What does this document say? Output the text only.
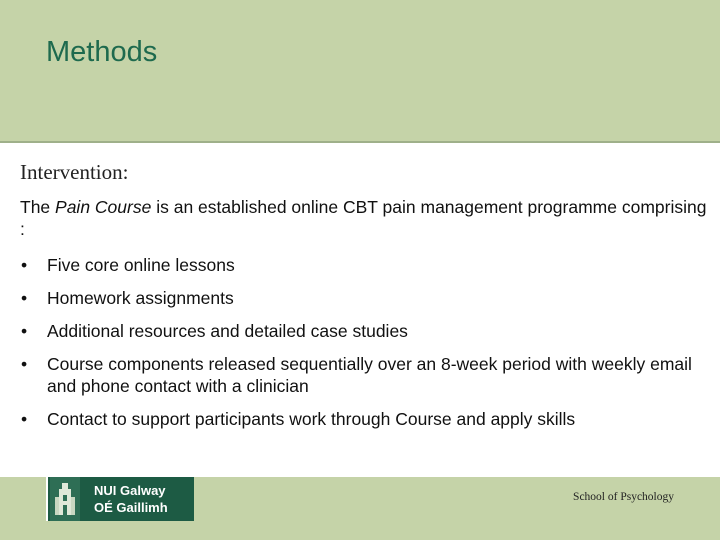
Methods
Intervention:
The Pain Course is an established online CBT pain management programme comprising :
• Five core online lessons
• Homework assignments
• Additional resources and detailed case studies
• Course components released sequentially over an 8-week period with weekly email and phone contact with a clinician
• Contact to support participants work through Course and apply skills
NUI Galway
OÉ Gaillimh
School of Psychology
